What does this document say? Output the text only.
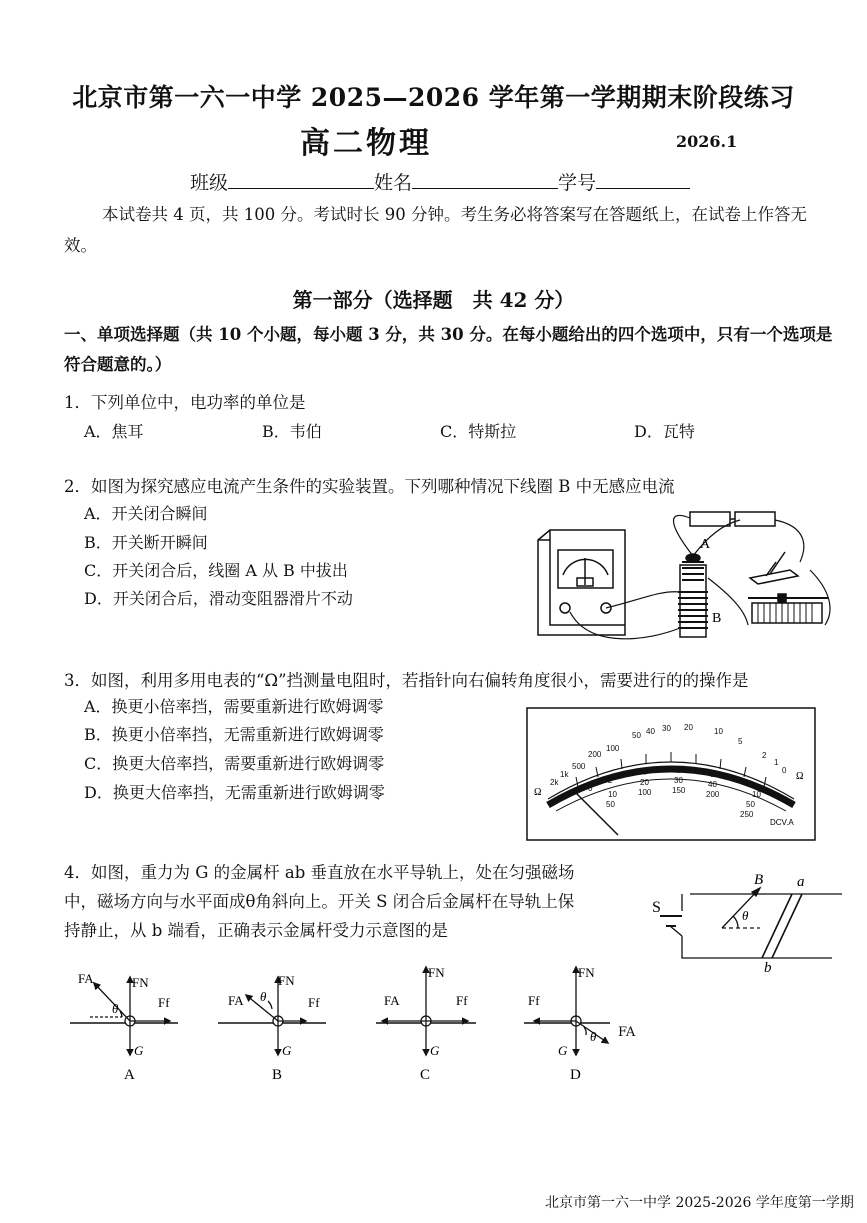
北京市第一六一中学 2025—2026 学年第一学期期末阶段练习
高二物理	2026.1
班级	姓名	学号
本试卷共 4 页，共 100 分。考试时长 90 分钟。考生务必将答案写在答题纸上，在试卷上作答无效。
第一部分（选择题　共 42 分）
一、单项选择题（共 10 个小题，每小题 3 分，共 30 分。在每小题给出的四个选项中，只有一个选项是符合题意的。）
1．下列单位中，电功率的单位是
A．焦耳	B．韦伯	C．特斯拉	D．瓦特
2．如图为探究感应电流产生条件的实验装置。下列哪种情况下线圈 B 中无感应电流
A．开关闭合瞬间
B．开关断开瞬间
C．开关闭合后，线圈 A 从 B 中拔出
D．开关闭合后，滑动变阻器滑片不动
A
B
3．如图，利用多用电表的“Ω”挡测量电阻时，若指针向右偏转角度很小，需要进行的的操作是
A．换更小倍率挡，需要重新进行欧姆调零
B．换更小倍率挡，无需重新进行欧姆调零
C．换更大倍率挡，需要重新进行欧姆调零
D．换更大倍率挡，无需重新进行欧姆调零
2k
1k
500
200
100
50 40 30 20	10
5
2
1
0
0
2
4	6	8
10
10
20	30	40
50
50
100	150	200
250
Ω
Ω
DCV.A
4．如图，重力为 G 的金属杆 ab 垂直放在水平导轨上，处在匀强磁场
中，磁场方向与水平面成θ角斜向上。开关 S 闭合后金属杆在导轨上保
持静止，从 b 端看，正确表示金属杆受力示意图的是
S
B a
b
θ
FA	FN
Ff
G
θ
A
FA
FN
Ff
G
θ
B
FA
FN
Ff
G
C
Ff
FN
G
θ
D
FA
北京市第一六一中学 2025-2026 学年度第一学期
